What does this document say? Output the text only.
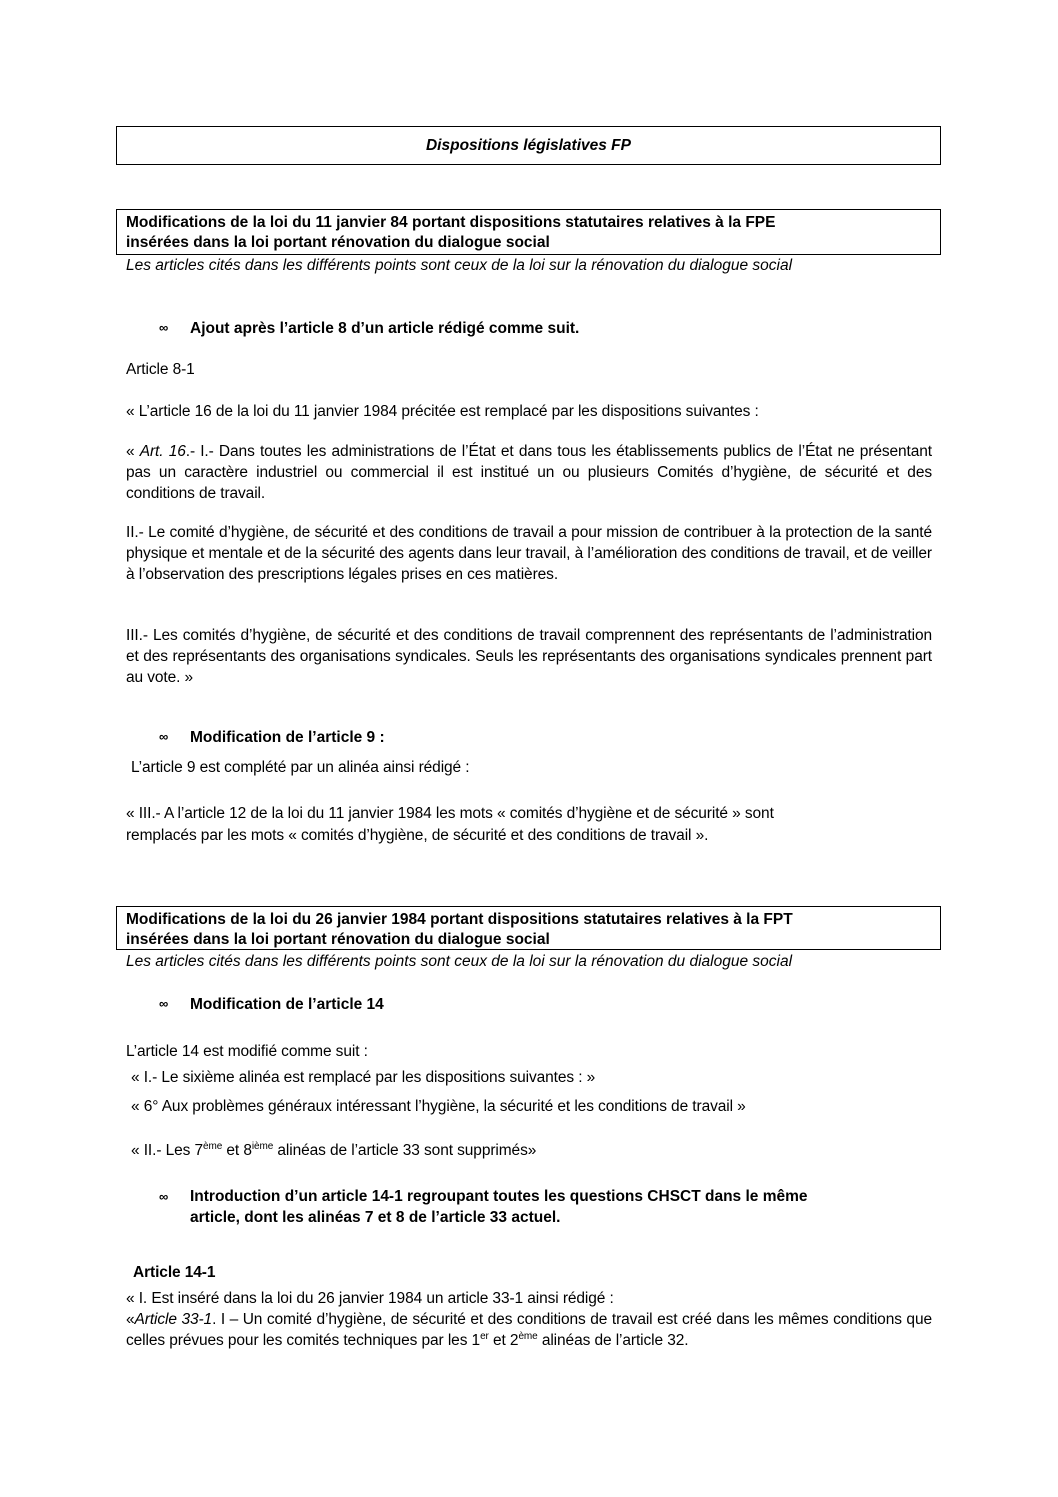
Dispositions législatives FP
Modifications de la loi du 11 janvier 84 portant dispositions statutaires relatives à la FPE
insérées dans la loi portant rénovation du dialogue social
Les articles cités dans les différents points sont ceux de la loi sur la rénovation du dialogue social
∞ Ajout après l’article 8 d’un article rédigé comme suit.
Article 8-1
« L’article 16 de la loi du 11 janvier 1984 précitée est remplacé par les dispositions suivantes :
« Art. 16.- I.- Dans toutes les administrations de l’État et dans tous les établissements publics de l’État ne présentant pas un caractère industriel ou commercial il est institué un ou plusieurs Comités d’hygiène, de sécurité et des conditions de travail.
II.- Le comité d’hygiène, de sécurité et des conditions de travail a pour mission de contribuer à la protection de la santé physique et mentale et de la sécurité des agents dans leur travail, à l’amélioration des conditions de travail, et de veiller à l’observation des prescriptions légales prises en ces matières.
III.- Les comités d’hygiène, de sécurité et des conditions de travail comprennent des représentants de l’administration et des représentants des organisations syndicales. Seuls les représentants des organisations syndicales prennent part au vote. »
∞ Modification de l’article 9 :
L’article 9 est complété par un alinéa ainsi rédigé :
« III.- A l’article 12 de la loi du 11 janvier 1984 les mots « comités d’hygiène et de sécurité » sont
remplacés par les mots « comités d’hygiène, de sécurité et des conditions de travail ».
Modifications de la loi du 26 janvier 1984 portant dispositions statutaires relatives à la FPT
insérées dans la loi portant rénovation du dialogue social
Les articles cités dans les différents points sont ceux de la loi sur la rénovation du dialogue social
∞ Modification de l’article 14
L’article 14 est modifié comme suit :
« I.- Le sixième alinéa est remplacé par les dispositions suivantes : »
« 6° Aux problèmes généraux intéressant l’hygiène, la sécurité et les conditions de travail »
« II.- Les 7ème et 8ième alinéas de l’article 33 sont supprimés»
∞ Introduction d’un article 14-1 regroupant toutes les questions CHSCT dans le même
article, dont les alinéas 7 et 8 de l’article 33 actuel.
Article 14-1
« I. Est inséré dans la loi du 26 janvier 1984 un article 33-1 ainsi rédigé :
«Article 33-1. I – Un comité d’hygiène, de sécurité et des conditions de travail est créé dans les mêmes conditions que celles prévues pour les comités techniques par les 1er et 2ème alinéas de l’article 32.
